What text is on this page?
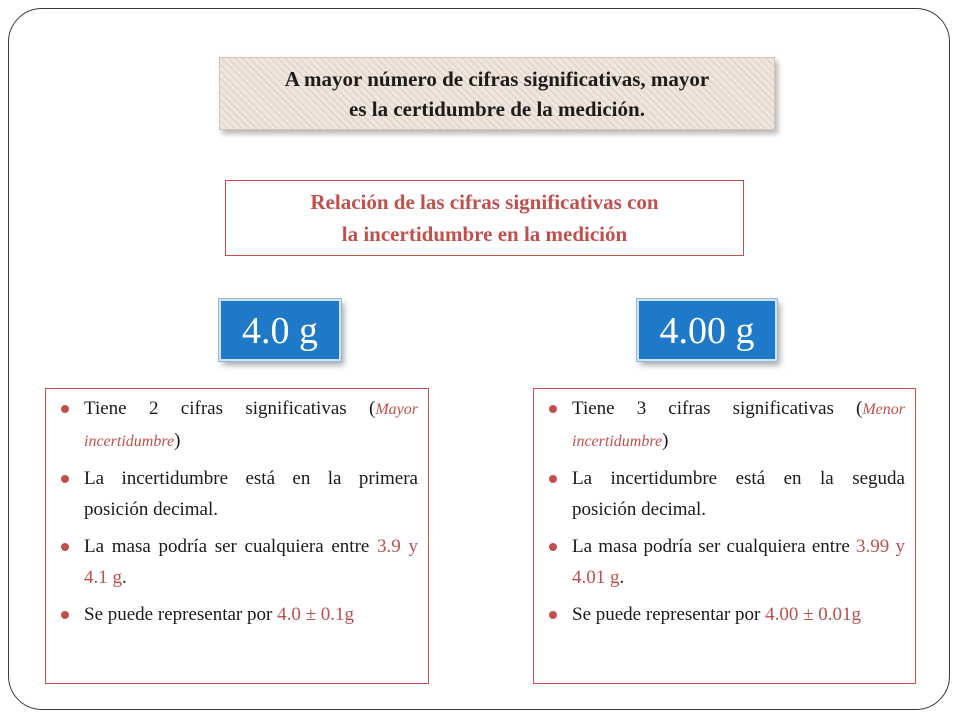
A mayor número de cifras significativas, mayor
es la certidumbre de la medición.
Relación de las cifras significativas con
la incertidumbre en la medición
4.0 g	4.00 g
Tiene 2 cifras significativas (Mayor incertidumbre)
La incertidumbre está en la primera posición decimal.
La masa podría ser cualquiera entre 3.9 y 4.1 g.
Se puede representar por 4.0 ± 0.1g
Tiene 3 cifras significativas (Menor incertidumbre)
La incertidumbre está en la seguda posición decimal.
La masa podría ser cualquiera entre 3.99 y 4.01 g.
Se puede representar por 4.00 ± 0.01g
